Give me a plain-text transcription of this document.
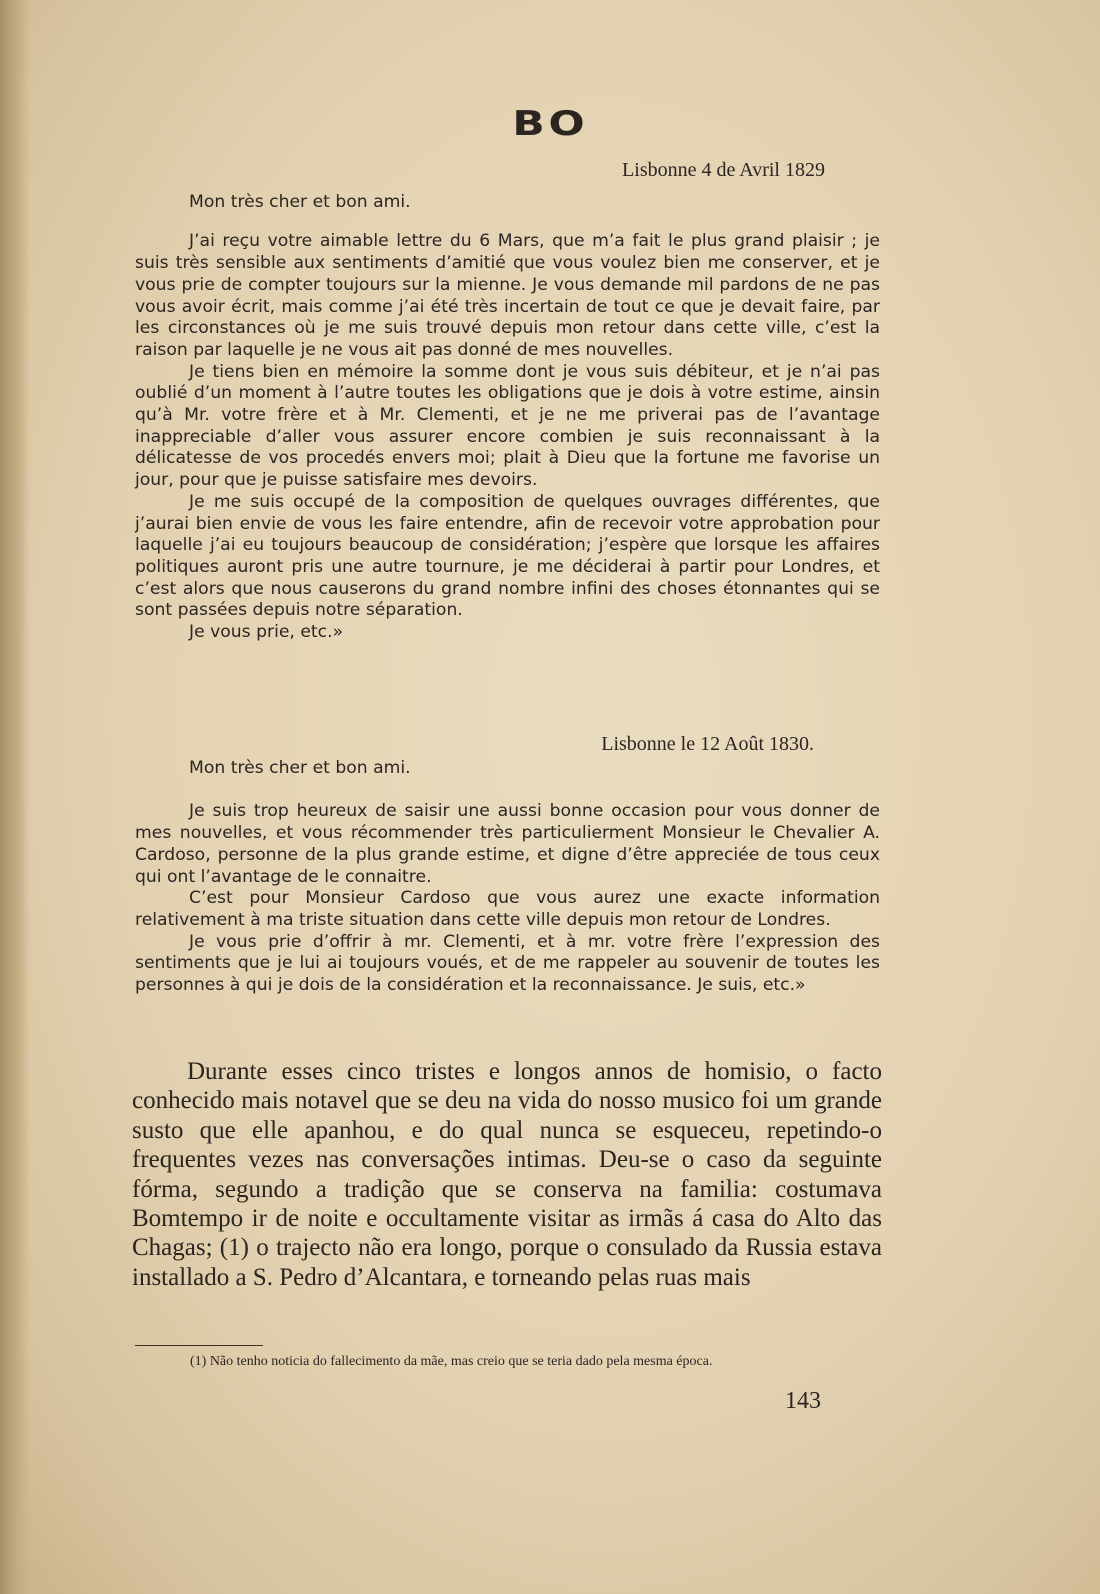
BO

Lisbonne 4 de Avril 1829

Mon très cher et bon ami.

J’ai reçu votre aimable lettre du 6 Mars, que m’a fait le plus grand plaisir ; je suis très sensible aux sentiments d’amitié que vous voulez bien me conserver, et je vous prie de compter toujours sur la mienne. Je vous demande mil pardons de ne pas vous avoir écrit, mais comme j’ai été très incertain de tout ce que je devait faire, par les circonstances où je me suis trouvé depuis mon retour dans cette ville, c’est la raison par laquelle je ne vous ait pas donné de mes nouvelles.

Je tiens bien en mémoire la somme dont je vous suis débiteur, et je n’ai pas oublié d’un moment à l’autre toutes les obligations que je dois à votre estime, ainsin qu’à Mr. votre frère et à Mr. Clementi, et je ne me priverai pas de l’avantage inappreciable d’aller vous assurer encore combien je suis reconnaissant à la délicatesse de vos procedés envers moi; plait à Dieu que la fortune me favorise un jour, pour que je puisse satisfaire mes devoirs.

Je me suis occupé de la composition de quelques ouvrages différentes, que j’aurai bien envie de vous les faire entendre, afin de recevoir votre approbation pour laquelle j’ai eu toujours beaucoup de considération; j’espère que lorsque les affaires politiques auront pris une autre tournure, je me déciderai à partir pour Londres, et c’est alors que nous causerons du grand nombre infini des choses étonnantes qui se sont passées depuis notre séparation.

Je vous prie, etc.»

Lisbonne le 12 Août 1830.

Mon très cher et bon ami.

Je suis trop heureux de saisir une aussi bonne occasion pour vous donner de mes nouvelles, et vous récommender très particulierment Monsieur le Chevalier A. Cardoso, personne de la plus grande estime, et digne d’être appreciée de tous ceux qui ont l’avantage de le connaitre.

C’est pour Monsieur Cardoso que vous aurez une exacte information relativement à ma triste situation dans cette ville depuis mon retour de Londres.

Je vous prie d’offrir à mr. Clementi, et à mr. votre frère l’expression des sentiments que je lui ai toujours voués, et de me rappeler au souvenir de toutes les personnes à qui je dois de la considération et la reconnaissance. Je suis, etc.»

Durante esses cinco tristes e longos annos de homisio, o facto conhecido mais notavel que se deu na vida do nosso musico foi um grande susto que elle apanhou, e do qual nunca se esqueceu, repetindo-o frequentes vezes nas conversações intimas. Deu-se o caso da seguinte fórma, segundo a tradição que se conserva na familia: costumava Bomtempo ir de noite e occultamente visitar as irmãs á casa do Alto das Chagas; (1) o trajecto não era longo, porque o consulado da Russia estava installado a S. Pedro d’Alcantara, e torneando pelas ruas mais

(1) Não tenho noticia do fallecimento da mãe, mas creio que se teria dado pela mesma época.

143
